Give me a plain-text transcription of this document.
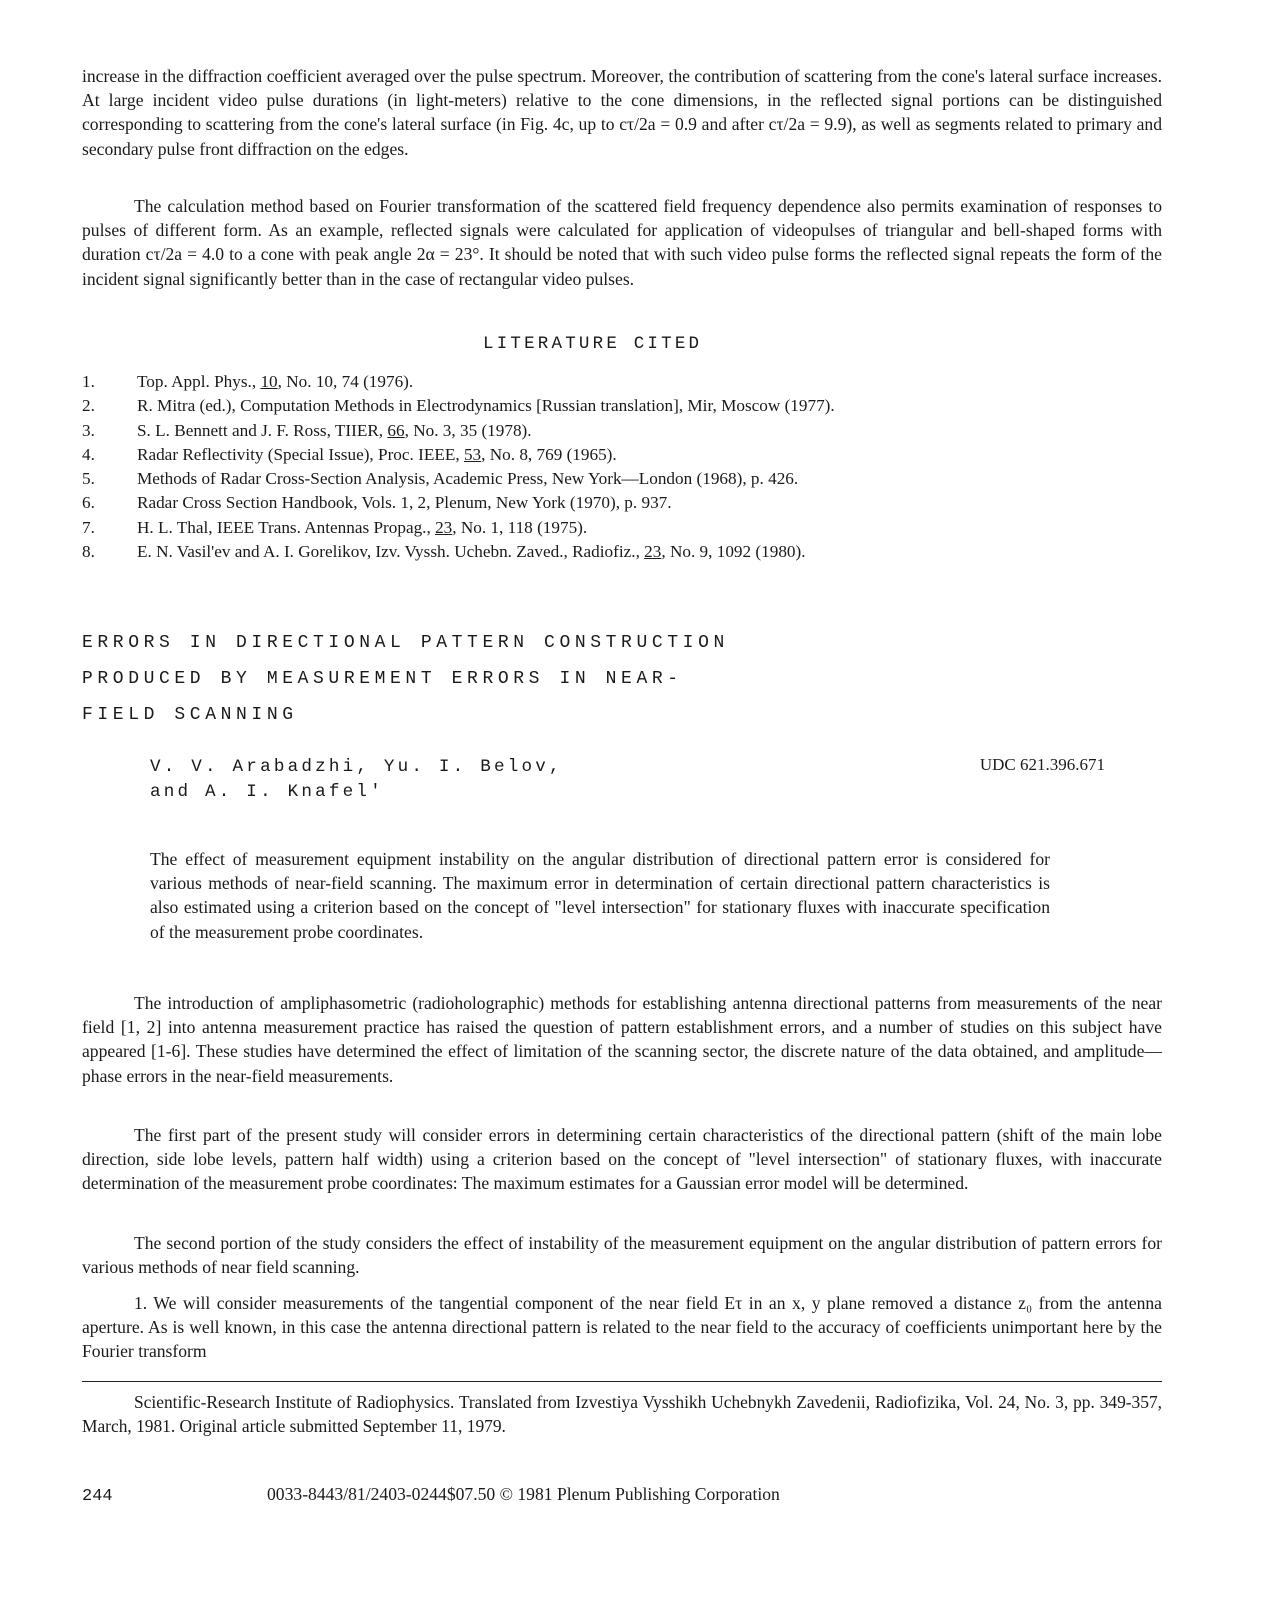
increase in the diffraction coefficient averaged over the pulse spectrum. Moreover, the contribution of scattering from the cone's lateral surface increases. At large incident video pulse durations (in light-meters) relative to the cone dimensions, in the reflected signal portions can be distinguished corresponding to scattering from the cone's lateral surface (in Fig. 4c, up to cτ/2a = 0.9 and after cτ/2a = 9.9), as well as segments related to primary and secondary pulse front diffraction on the edges.

The calculation method based on Fourier transformation of the scattered field frequency dependence also permits examination of responses to pulses of different form. As an example, reflected signals were calculated for application of videopulses of triangular and bell-shaped forms with duration cτ/2a = 4.0 to a cone with peak angle 2α = 23°. It should be noted that with such video pulse forms the reflected signal repeats the form of the incident signal significantly better than in the case of rectangular video pulses.

LITERATURE CITED

1.	Top. Appl. Phys., 10, No. 10, 74 (1976).
2.	R. Mitra (ed.), Computation Methods in Electrodynamics [Russian translation], Mir, Moscow (1977).
3.	S. L. Bennett and J. F. Ross, TIIER, 66, No. 3, 35 (1978).
4.	Radar Reflectivity (Special Issue), Proc. IEEE, 53, No. 8, 769 (1965).
5.	Methods of Radar Cross-Section Analysis, Academic Press, New York—London (1968), p. 426.
6.	Radar Cross Section Handbook, Vols. 1, 2, Plenum, New York (1970), p. 937.
7.	H. L. Thal, IEEE Trans. Antennas Propag., 23, No. 1, 118 (1975).
8.	E. N. Vasil'ev and A. I. Gorelikov, Izv. Vyssh. Uchebn. Zaved., Radiofiz., 23, No. 9, 1092 (1980).

ERRORS IN DIRECTIONAL PATTERN CONSTRUCTION

PRODUCED BY MEASUREMENT ERRORS IN NEAR-

FIELD SCANNING

V. V. Arabadzhi, Yu. I. Belov,
and A. I. Knafel'

UDC 621.396.671

The effect of measurement equipment instability on the angular distribution of directional pattern error is considered for various methods of near-field scanning. The maximum error in determination of certain directional pattern characteristics is also estimated using a criterion based on the concept of "level intersection" for stationary fluxes with inaccurate specification of the measurement probe coordinates.

The introduction of ampliphasometric (radioholographic) methods for establishing antenna directional patterns from measurements of the near field [1, 2] into antenna measurement practice has raised the question of pattern establishment errors, and a number of studies on this subject have appeared [1-6]. These studies have determined the effect of limitation of the scanning sector, the discrete nature of the data obtained, and amplitude—phase errors in the near-field measurements.

The first part of the present study will consider errors in determining certain characteristics of the directional pattern (shift of the main lobe direction, side lobe levels, pattern half width) using a criterion based on the concept of "level intersection" of stationary fluxes, with inaccurate determination of the measurement probe coordinates: The maximum estimates for a Gaussian error model will be determined.

The second portion of the study considers the effect of instability of the measurement equipment on the angular distribution of pattern errors for various methods of near field scanning.

1. We will consider measurements of the tangential component of the near field Eτ in an x, y plane removed a distance z₀ from the antenna aperture. As is well known, in this case the antenna directional pattern is related to the near field to the accuracy of coefficients unimportant here by the Fourier transform

Scientific-Research Institute of Radiophysics. Translated from Izvestiya Vysshikh Uchebnykh Zavedenii, Radiofizika, Vol. 24, No. 3, pp. 349-357, March, 1981. Original article submitted September 11, 1979.

244	0033-8443/81/2403-0244$07.50 © 1981 Plenum Publishing Corporation
